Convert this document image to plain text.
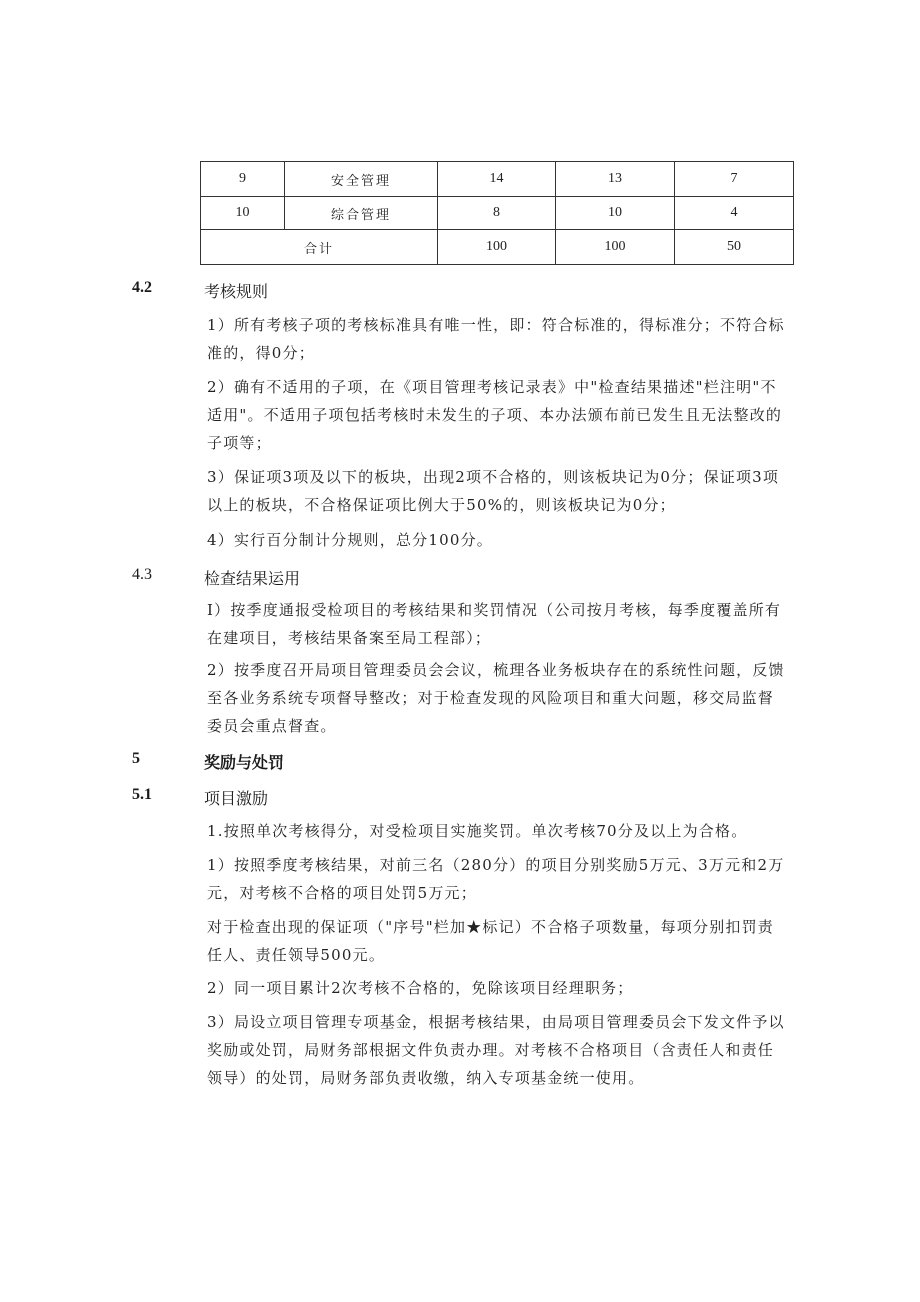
9	安全管理	14	13	7
10	综合管理	8	10	4
合计		100	100	50
4.2	考核规则
1）所有考核子项的考核标准具有唯一性，即：符合标准的，得标准分；不符合标准的，得0分；
2）确有不适用的子项，在《项目管理考核记录表》中"检查结果描述"栏注明"不适用"。不适用子项包括考核时未发生的子项、本办法颁布前已发生且无法整改的子项等；
3）保证项3项及以下的板块，出现2项不合格的，则该板块记为0分；保证项3项以上的板块，不合格保证项比例大于50%的，则该板块记为0分；
4）实行百分制计分规则，总分100分。
4.3	检查结果运用
I）按季度通报受检项目的考核结果和奖罚情况（公司按月考核，每季度覆盖所有在建项目，考核结果备案至局工程部）；
2）按季度召开局项目管理委员会会议，梳理各业务板块存在的系统性问题，反馈至各业务系统专项督导整改；对于检查发现的风险项目和重大问题，移交局监督委员会重点督查。
5	奖励与处罚
5.1	项目激励
1.按照单次考核得分，对受检项目实施奖罚。单次考核70分及以上为合格。
1）按照季度考核结果，对前三名（280分）的项目分别奖励5万元、3万元和2万元，对考核不合格的项目处罚5万元；
对于检查出现的保证项（"序号"栏加★标记）不合格子项数量，每项分别扣罚责任人、责任领导500元。
2）同一项目累计2次考核不合格的，免除该项目经理职务；
3）局设立项目管理专项基金，根据考核结果，由局项目管理委员会下发文件予以奖励或处罚，局财务部根据文件负责办理。对考核不合格项目（含责任人和责任领导）的处罚，局财务部负责收缴，纳入专项基金统一使用。
